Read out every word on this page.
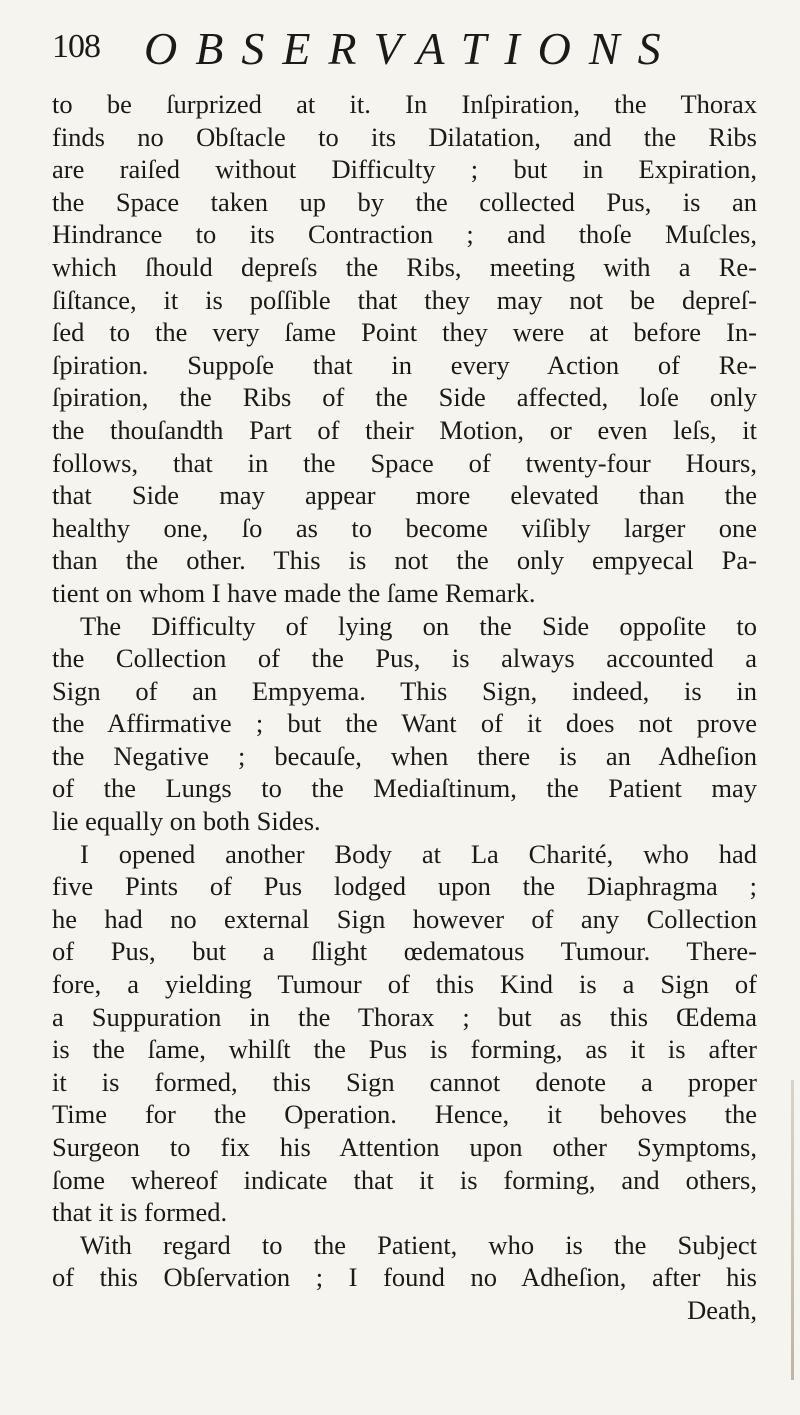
108 OBSERVATIONS
to be ſurprized at it. In Inſpiration, the Thorax
finds no Obſtacle to its Dilatation, and the Ribs
are raiſed without Difficulty ; but in Expiration,
the Space taken up by the collected Pus, is an
Hindrance to its Contraction ; and thoſe Muſcles,
which ſhould depreſs the Ribs, meeting with a Re-
ſiſtance, it is poſſible that they may not be depreſ-
ſed to the very ſame Point they were at before In-
ſpiration. Suppoſe that in every Action of Re-
ſpiration, the Ribs of the Side affected, loſe only
the thouſandth Part of their Motion, or even leſs, it
follows, that in the Space of twenty-four Hours,
that Side may appear more elevated than the
healthy one, ſo as to become viſibly larger one
than the other. This is not the only empyecal Pa-
tient on whom I have made the ſame Remark.
The Difficulty of lying on the Side oppoſite to
the Collection of the Pus, is always accounted a
Sign of an Empyema. This Sign, indeed, is in
the Affirmative ; but the Want of it does not prove
the Negative ; becauſe, when there is an Adheſion
of the Lungs to the Mediaſtinum, the Patient may
lie equally on both Sides.
I opened another Body at La Charité, who had
five Pints of Pus lodged upon the Diaphragma ;
he had no external Sign however of any Collection
of Pus, but a ſlight œdematous Tumour. There-
fore, a yielding Tumour of this Kind is a Sign of
a Suppuration in the Thorax ; but as this Œdema
is the ſame, whilſt the Pus is forming, as it is after
it is formed, this Sign cannot denote a proper
Time for the Operation. Hence, it behoves the
Surgeon to fix his Attention upon other Symptoms,
ſome whereof indicate that it is forming, and others,
that it is formed.
With regard to the Patient, who is the Subject
of this Obſervation ; I found no Adheſion, after his
Death,
